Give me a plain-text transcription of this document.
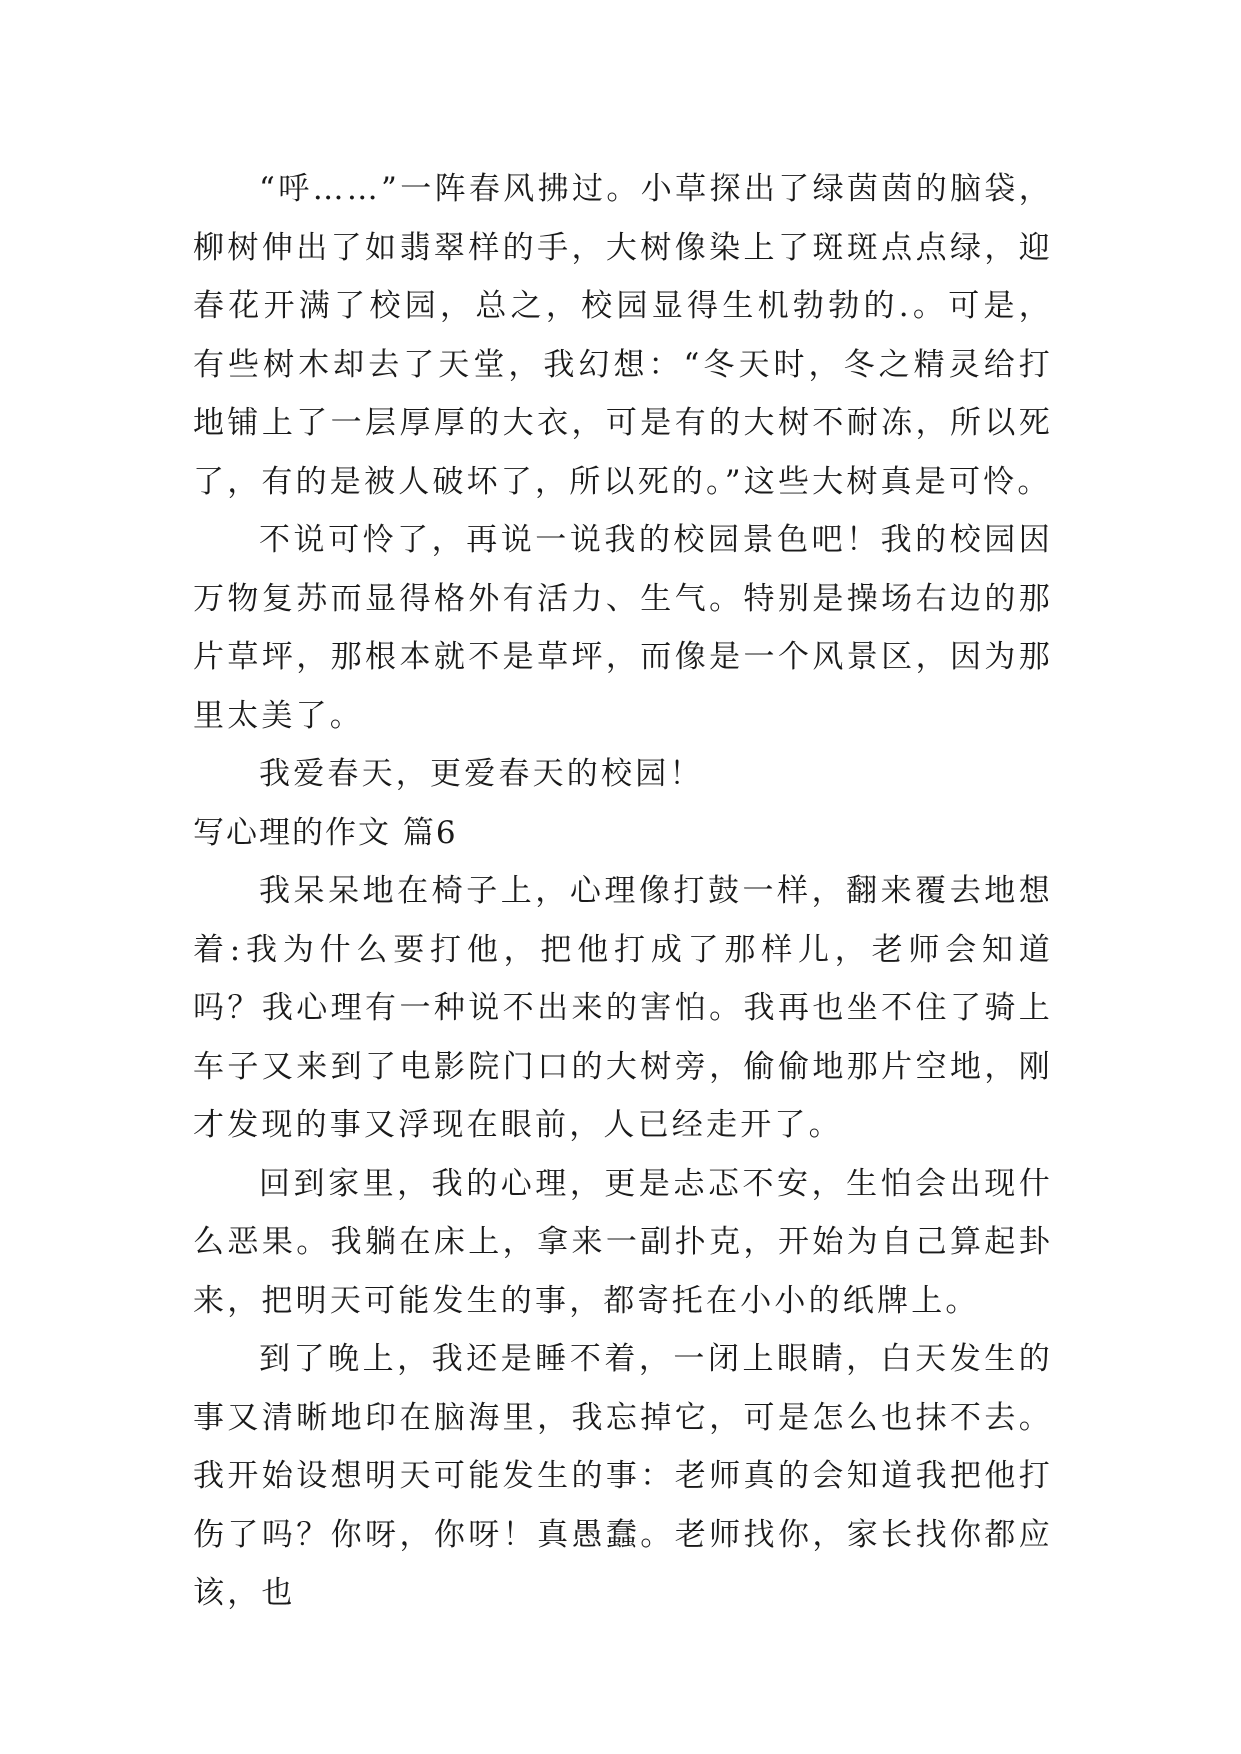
“呼……”一阵春风拂过。小草探出了绿茵茵的脑袋，柳树伸出了如翡翠样的手，大树像染上了斑斑点点绿，迎春花开满了校园，总之，校园显得生机勃勃的.。可是，有些树木却去了天堂，我幻想：“冬天时，冬之精灵给打地铺上了一层厚厚的大衣，可是有的大树不耐冻，所以死了，有的是被人破坏了，所以死的。”这些大树真是可怜。

不说可怜了，再说一说我的校园景色吧！我的校园因万物复苏而显得格外有活力、生气。特别是操场右边的那片草坪，那根本就不是草坪，而像是一个风景区，因为那里太美了。

我爱春天，更爱春天的校园！

写心理的作文 篇6

我呆呆地在椅子上，心理像打鼓一样，翻来覆去地想着:我为什么要打他，把他打成了那样儿，老师会知道吗？我心理有一种说不出来的害怕。我再也坐不住了骑上车子又来到了电影院门口的大树旁，偷偷地那片空地，刚才发现的事又浮现在眼前，人已经走开了。

回到家里，我的心理，更是忐忑不安，生怕会出现什么恶果。我躺在床上，拿来一副扑克，开始为自己算起卦来，把明天可能发生的事，都寄托在小小的纸牌上。

到了晚上，我还是睡不着，一闭上眼睛，白天发生的事又清晰地印在脑海里，我忘掉它，可是怎么也抹不去。我开始设想明天可能发生的事：老师真的会知道我把他打伤了吗？你呀，你呀！真愚蠢。老师找你，家长找你都应该，也
